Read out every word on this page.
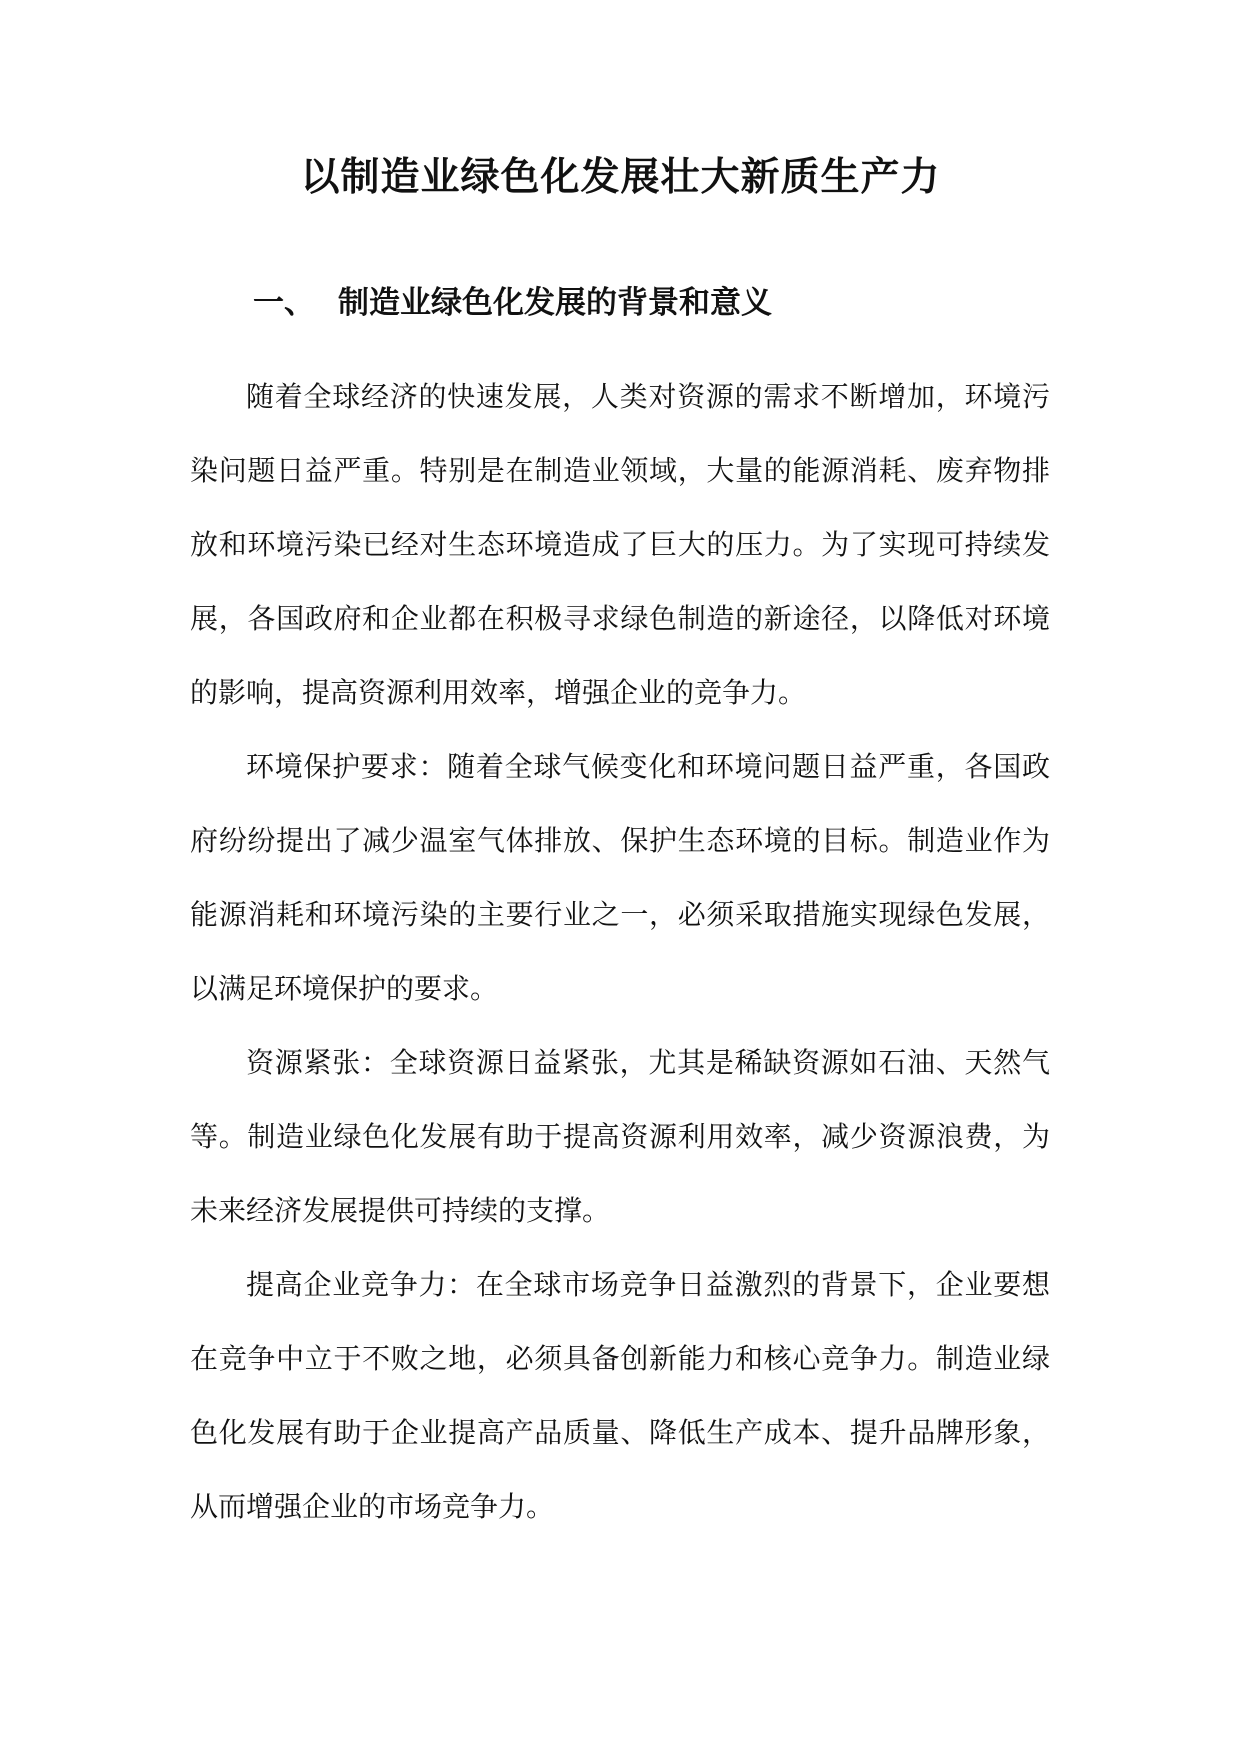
以制造业绿色化发展壮大新质生产力
一、 制造业绿色化发展的背景和意义

随着全球经济的快速发展，人类对资源的需求不断增加，环境污染问题日益严重。特别是在制造业领域，大量的能源消耗、废弃物排放和环境污染已经对生态环境造成了巨大的压力。为了实现可持续发展，各国政府和企业都在积极寻求绿色制造的新途径，以降低对环境的影响，提高资源利用效率，增强企业的竞争力。

环境保护要求：随着全球气候变化和环境问题日益严重，各国政府纷纷提出了减少温室气体排放、保护生态环境的目标。制造业作为能源消耗和环境污染的主要行业之一，必须采取措施实现绿色发展，以满足环境保护的要求。

资源紧张：全球资源日益紧张，尤其是稀缺资源如石油、天然气等。制造业绿色化发展有助于提高资源利用效率，减少资源浪费，为未来经济发展提供可持续的支撑。

提高企业竞争力：在全球市场竞争日益激烈的背景下，企业要想在竞争中立于不败之地，必须具备创新能力和核心竞争力。制造业绿色化发展有助于企业提高产品质量、降低生产成本、提升品牌形象，从而增强企业的市场竞争力。
